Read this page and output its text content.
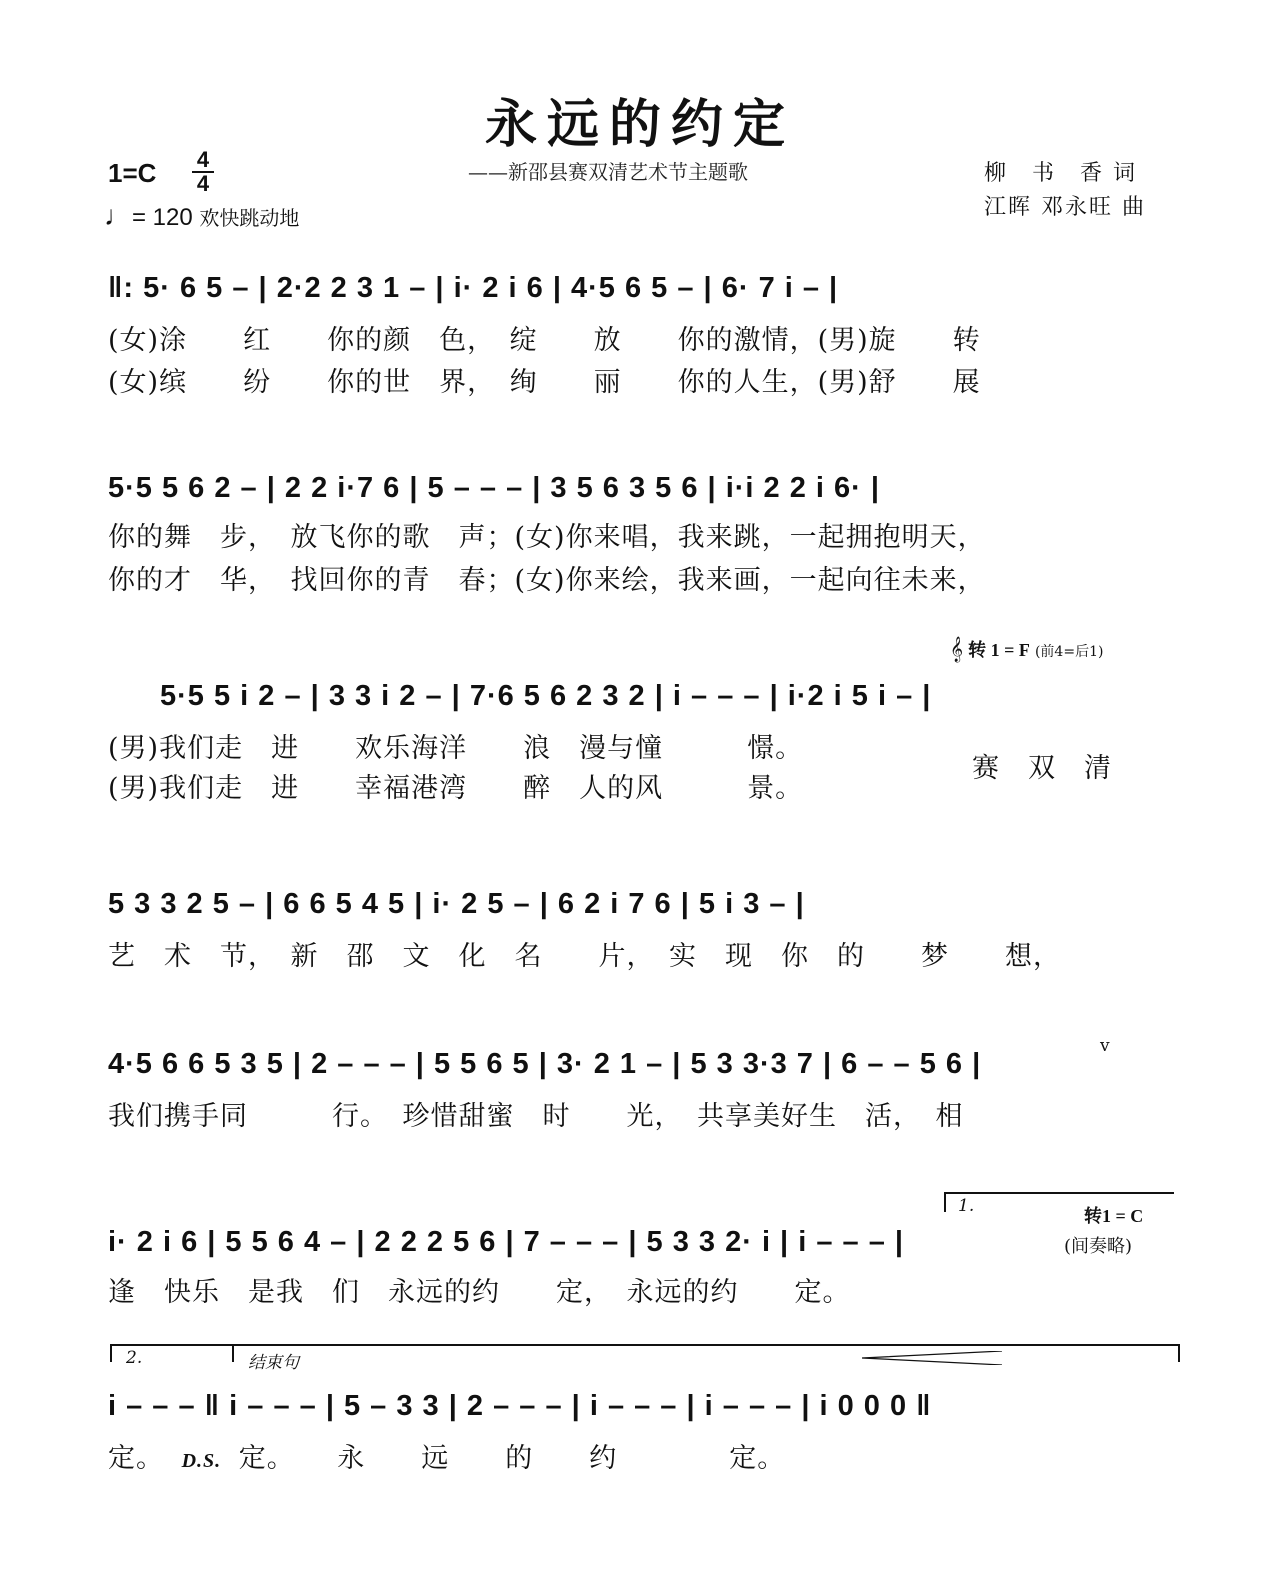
永远的约定
——新邵县赛双清艺术节主题歌
1=C 4
4
♩= 120 欢快跳动地
柳　书　香 词
江晖 邓永旺 曲
‖: 5· 6 5 – | 2·2 2 3 1 – | i· 2 i 6 | 4·5 6 5 – | 6· 7 i – |
(女)涂　　红　　你的颜　色，　绽　　放　　你的激情，(男)旋　　转
(女)缤　　纷　　你的世　界，　绚　　丽　　你的人生，(男)舒　　展
5·5 5 6 2 – | 2 2 i·7 6 | 5 – – – | 3 5 6 3 5 6 | i·i 2 2 i 6· |
你的舞　步，　放飞你的歌　声；(女)你来唱，我来跳，一起拥抱明天，
你的才　华，　找回你的青　春；(女)你来绘，我来画，一起向往未来，
𝄞 转 1 = F (前4=后1)
5·5 5 i 2 – | 3 3 i 2 – | 7·6 5 6 2 3 2 | i – – – | i·2 i 5 i – |
(男)我们走　进　　欢乐海洋　　浪　漫与憧　　　憬。
(男)我们走　进　　幸福港湾　　醉　人的风　　　景。
赛　双　清
5 3 3 2 5 – | 6 6 5 4 5 | i· 2 5 – | 6 2 i 7 6 | 5 i 3 – |
艺　术　节，　新　邵　文　化　名　　片，　实　现　你　的　　梦　　想，
4·5 6 6 5 3 5 | 2 – – – | 5 5 6 5 | 3· 2 1 – | 5 3 3·3 7 | 6 – – 5 6 |
v
我们携手同　　　行。　珍惜甜蜜　时　　光，　共享美好生　活，　相
1.	转1 = C
i· 2 i 6 | 5 5 6 4 – | 2 2 2 5 6 | 7 – – – | 5 3 3 2· i | i – – – |	(间奏略)
逢　快乐　是我　们　永远的约　　定，　永远的约　　定。
2.	结束句
i – – – ‖ i – – – | 5 – 3 3 | 2 – – – | i – – – | i – – – | i 0 0 0 ‖
定。 D.S. 定。　　永　　远　　的　　约　　　　定。
